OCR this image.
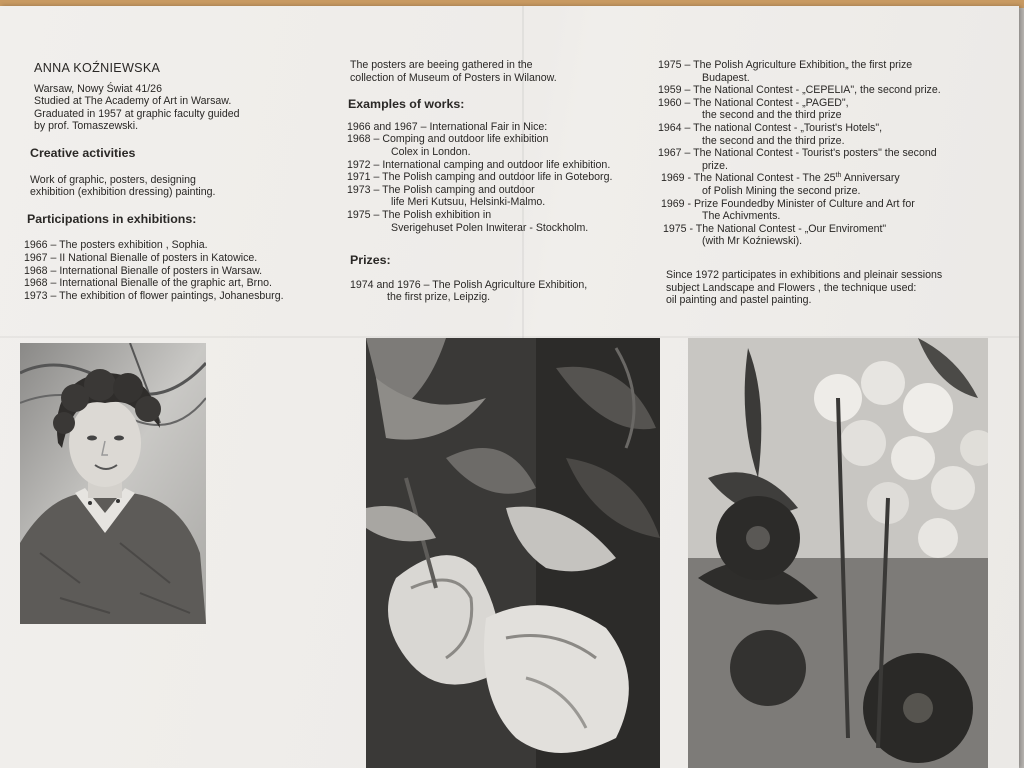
ANNA KOŹNIEWSKA
Warsaw, Nowy Świat 41/26
Studied at The Academy of Art in Warsaw.
Graduated in 1957 at graphic faculty guided
by prof. Tomaszewski.
Creative activities
Work of graphic, posters, designing
exhibition (exhibition dressing) painting.
Participations in exhibitions:
1966 – The posters exhibition , Sophia.
1967 – II National Bienalle of posters in Katowice.
1968 – International Bienalle of posters in Warsaw.
1968 – International Bienalle of the graphic art, Brno.
1973 – The exhibition of flower paintings, Johanesburg.
The posters are beeing gathered in the
collection of Museum of Posters in Wilanow.
Examples of works:
1966 and 1967 – International Fair in Nice:
1968 – Comping and outdoor life exhibition
Colex in London.
1972 – International camping and outdoor life exhibition.
1971 – The Polish camping and outdoor life in Goteborg.
1973 – The Polish camping and outdoor
life Meri Kutsuu, Helsinki-Malmo.
1975 – The Polish exhibition in
Sverigehuset Polen Inwiterar - Stockholm.
Prizes:
1974 and 1976 – The Polish Agriculture Exhibition,
the first prize, Leipzig.
1975 – The Polish Agriculture Exhibition„ the first prize
Budapest.
1959 – The National Contest - „CEPELIA", the second prize.
1960 – The National Contest - „PAGED",
the second and the third prize
1964 – The national Contest - „Tourist's Hotels",
the second and the third prize.
1967 – The National Contest - Tourist's posters" the second
prize.
1969 - The National Contest - The 25th Anniversary
of Polish Mining the second prize.
1969 - Prize Foundedby Minister of Culture and Art for
The Achivments.
1975 - The National Contest - „Our Enviroment"
(with Mr Koźniewski).
Since 1972 participates in exhibitions and pleinair sessions
subject Landscape and Flowers , the technique used:
oil painting and pastel painting.
